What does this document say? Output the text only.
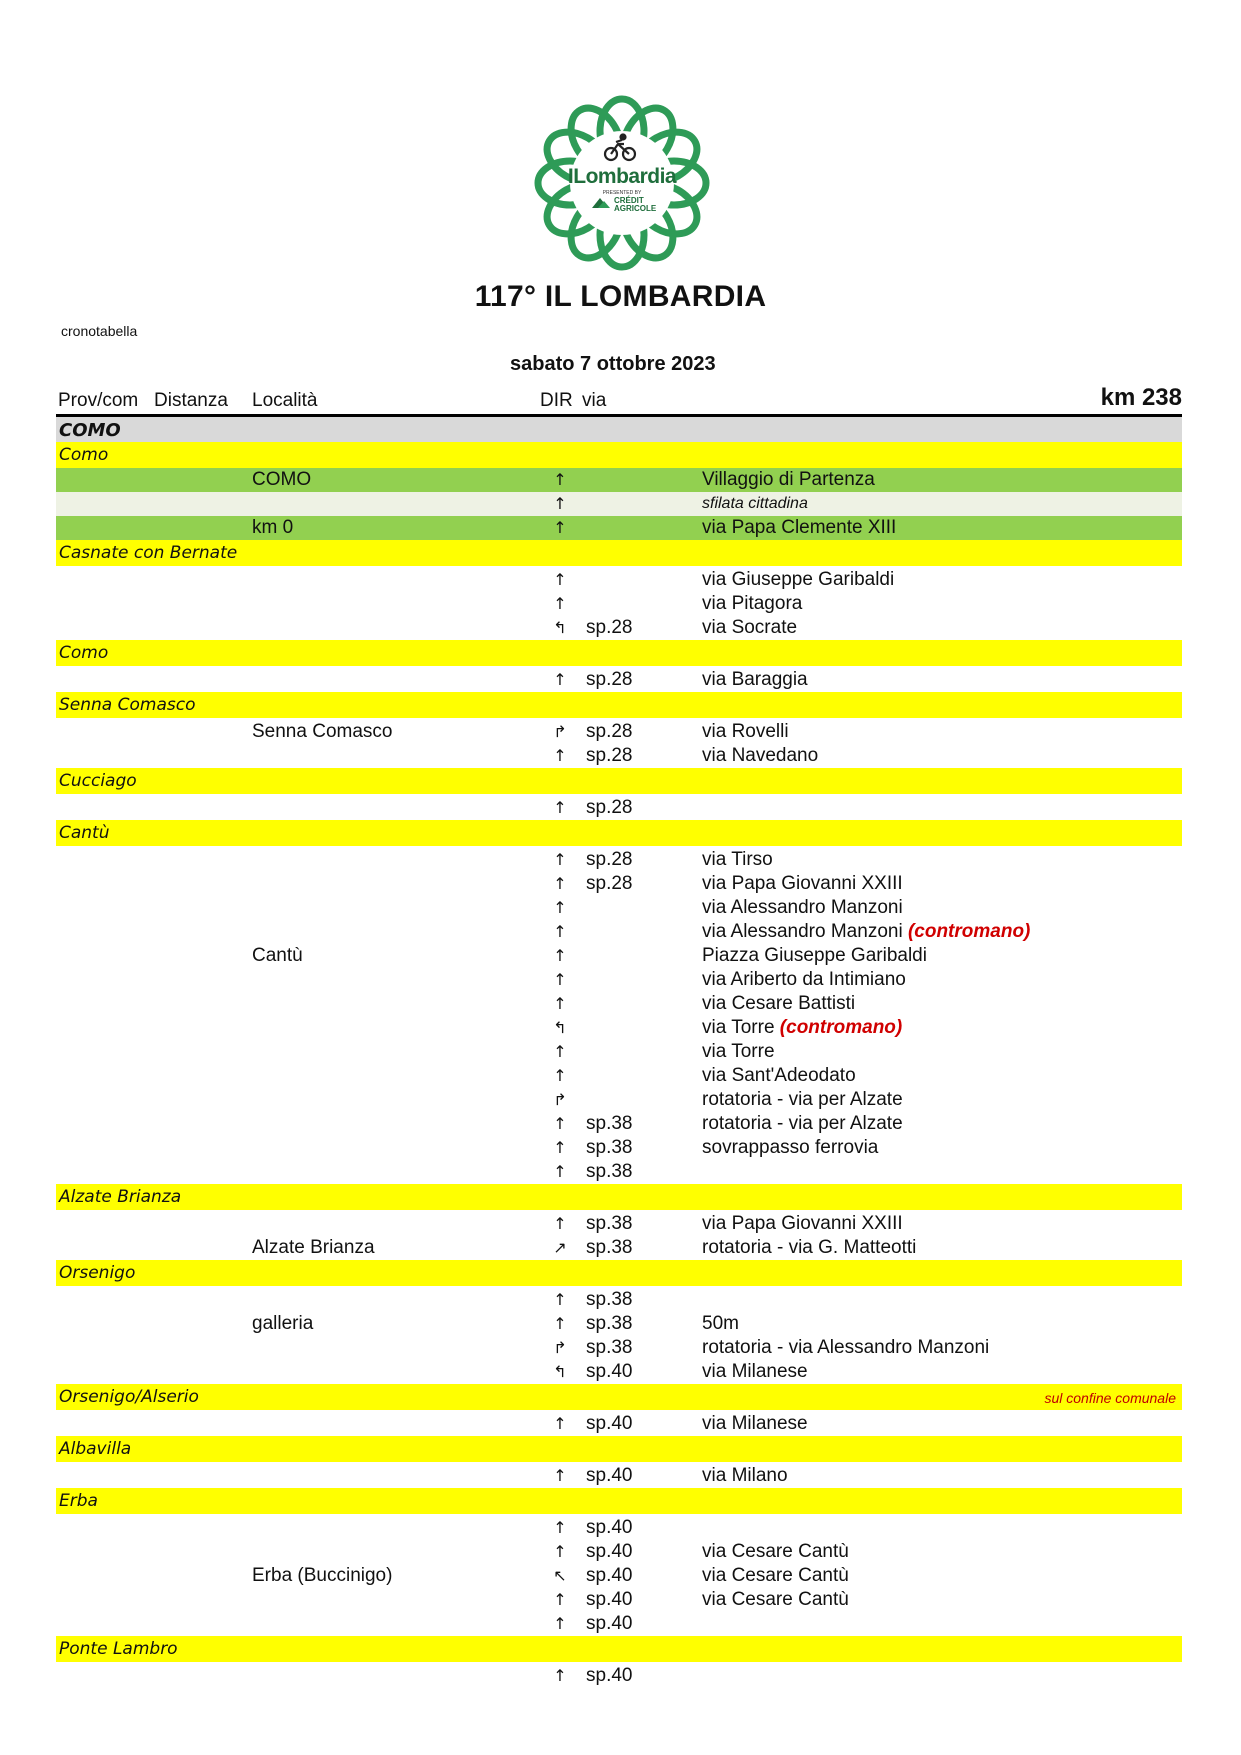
ILombardia
PRESENTED BY
CRÉDIT
AGRICOLE
117° IL LOMBARDIA
cronotabella
sabato 7 ottobre 2023
Prov/com Distanza Località	DIR via	km 238
COMO
Como
COMO	↑	Villaggio di Partenza
↑	sfilata cittadina
km 0	↑	via Papa Clemente XIII
Casnate con Bernate
↑	via Giuseppe Garibaldi
↑	via Pitagora
↰ sp.28	via Socrate
Como
↑ sp.28	via Baraggia
Senna Comasco
Senna Comasco	↱ sp.28	via Rovelli
↑ sp.28	via Navedano
Cucciago
↑ sp.28
Cantù
↑ sp.28	via Tirso
↑ sp.28	via Papa Giovanni XXIII
↑	via Alessandro Manzoni
↑	via Alessandro Manzoni (contromano)
Cantù	↑	Piazza Giuseppe Garibaldi
↑	via Ariberto da Intimiano
↑	via Cesare Battisti
↰	via Torre (contromano)
↑	via Torre
↑	via Sant'Adeodato
↱	rotatoria - via per Alzate
↑ sp.38	rotatoria - via per Alzate
↑ sp.38	sovrappasso ferrovia
↑ sp.38
Alzate Brianza
↑ sp.38	via Papa Giovanni XXIII
Alzate Brianza	↗ sp.38	rotatoria - via G. Matteotti
Orsenigo
↑ sp.38
galleria	↑ sp.38	50m
↱ sp.38	rotatoria - via Alessandro Manzoni
↰ sp.40	via Milanese
Orsenigo/Alserio	sul confine comunale
↑ sp.40	via Milanese
Albavilla
↑ sp.40	via Milano
Erba
↑ sp.40
↑ sp.40	via Cesare Cantù
Erba (Buccinigo)	↖ sp.40	via Cesare Cantù
↑ sp.40	via Cesare Cantù
↑ sp.40
Ponte Lambro
↑ sp.40
